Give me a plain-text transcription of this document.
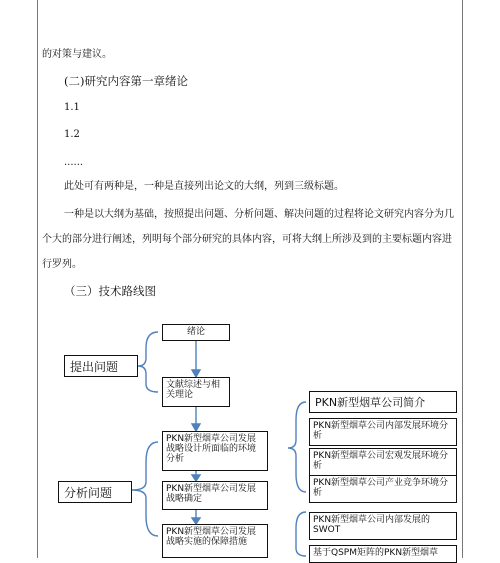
的对策与建议。
(二)研究内容第一章绪论
1.1
1.2
......
此处可有两种是，一种是直接列出论文的大纲，列到三级标题。
一种是以大纲为基础，按照提出问题、分析问题、解决问题的过程将论文研究内容分为几个大的部分进行阐述，列明每个部分研究的具体内容，可将大纲上所涉及到的主要标题内容进行罗列。
（三）技术路线图
提出问题
分析问题
绪论
文献综述与相关理论
PKN新型烟草公司发展战略设计所面临的环境分析
PKN新型烟草公司发展战略确定
PKN新型烟草公司发展战略实施的保障措施
PKN新型烟草公司简介
PKN新型烟草公司内部发展环境分析
PKN新型烟草公司宏观发展环境分析
PKN新型烟草公司产业竞争环境分析
PKN新型烟草公司内部发展的SWOT
基于QSPM矩阵的PKN新型烟草
